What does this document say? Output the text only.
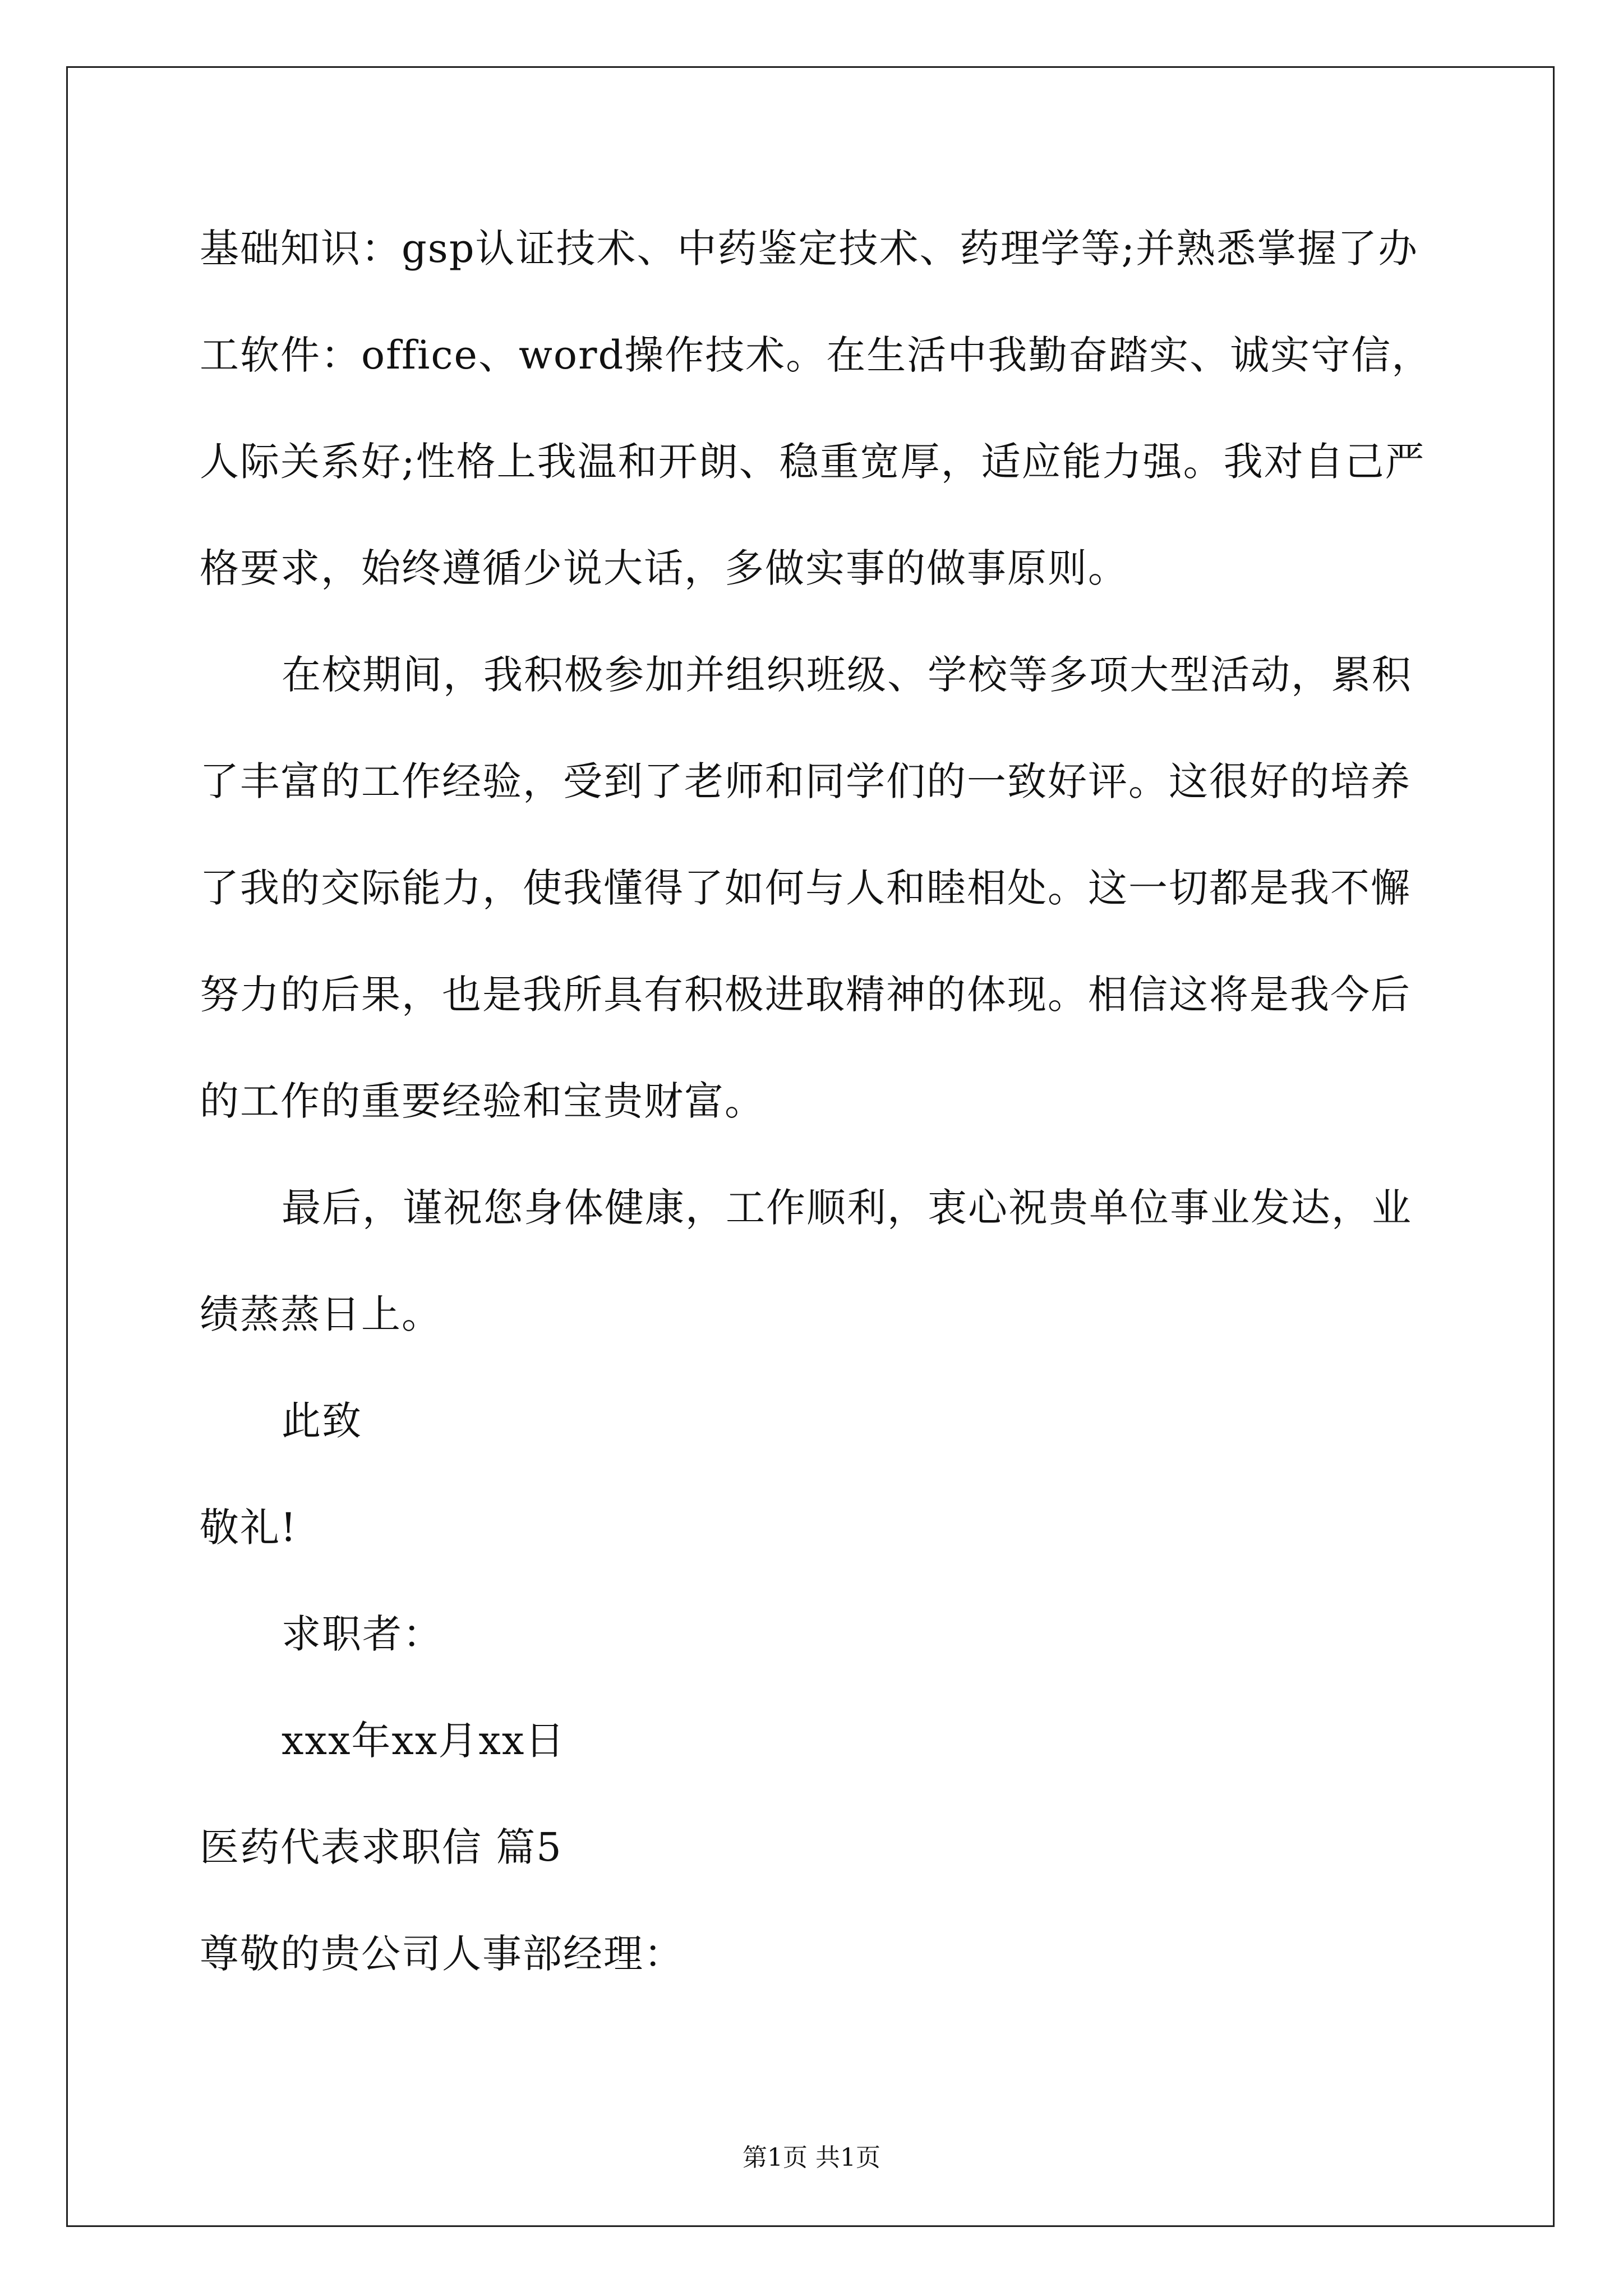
基础知识：gsp认证技术、中药鉴定技术、药理学等;并熟悉掌握了办
工软件：office、word操作技术。在生活中我勤奋踏实、诚实守信，
人际关系好;性格上我温和开朗、稳重宽厚，适应能力强。我对自己严
格要求，始终遵循少说大话，多做实事的做事原则。
在校期间，我积极参加并组织班级、学校等多项大型活动，累积
了丰富的工作经验，受到了老师和同学们的一致好评。这很好的培养
了我的交际能力，使我懂得了如何与人和睦相处。这一切都是我不懈
努力的后果，也是我所具有积极进取精神的体现。相信这将是我今后
的工作的重要经验和宝贵财富。
最后，谨祝您身体健康，工作顺利，衷心祝贵单位事业发达，业
绩蒸蒸日上。
此致
敬礼!
求职者：
xxx年xx月xx日
医药代表求职信 篇5
尊敬的贵公司人事部经理：
第1页 共1页
